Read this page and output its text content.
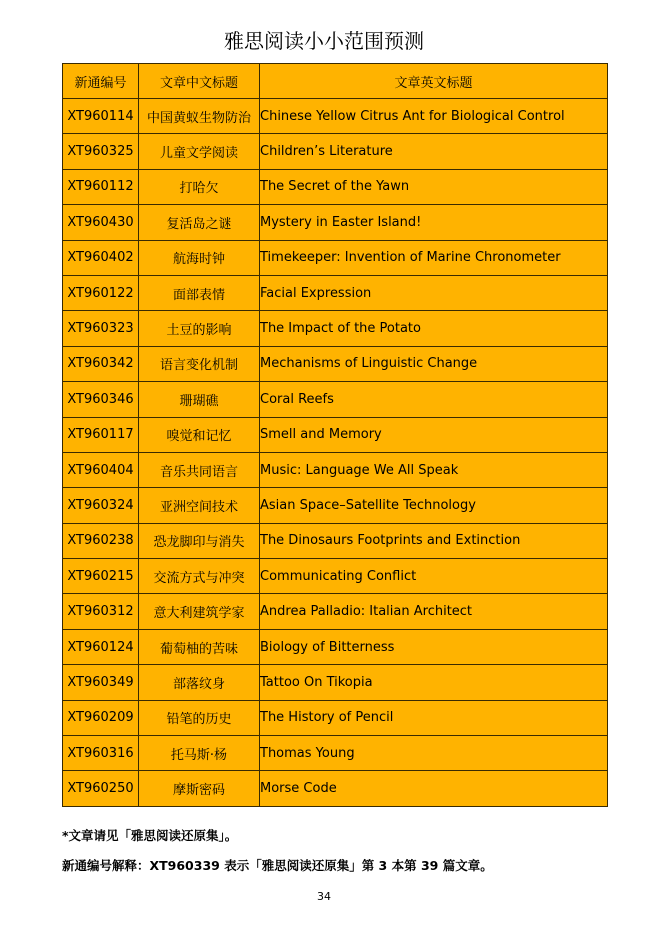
雅思阅读小小范围预测
新通编号	文章中文标题	文章英文标题
XT960114	中国黄蚁生物防治	Chinese Yellow Citrus Ant for Biological Control
XT960325	儿童文学阅读	Children’s Literature
XT960112	打哈欠	The Secret of the Yawn
XT960430	复活岛之谜	Mystery in Easter Island!
XT960402	航海时钟	Timekeeper: Invention of Marine Chronometer
XT960122	面部表情	Facial Expression
XT960323	土豆的影响	The Impact of the Potato
XT960342	语言变化机制	Mechanisms of Linguistic Change
XT960346	珊瑚礁	Coral Reefs
XT960117	嗅觉和记忆	Smell and Memory
XT960404	音乐共同语言	Music: Language We All Speak
XT960324	亚洲空间技术	Asian Space–Satellite Technology
XT960238	恐龙脚印与消失	The Dinosaurs Footprints and Extinction
XT960215	交流方式与冲突	Communicating Conflict
XT960312	意大利建筑学家	Andrea Palladio: Italian Architect
XT960124	葡萄柚的苦味	Biology of Bitterness
XT960349	部落纹身	Tattoo On Tikopia
XT960209	铅笔的历史	The History of Pencil
XT960316	托马斯·杨	Thomas Young
XT960250	摩斯密码	Morse Code
*文章请见「雅思阅读还原集」。
新通编号解释：XT960339 表示「雅思阅读还原集」第 3 本第 39 篇文章。
34
